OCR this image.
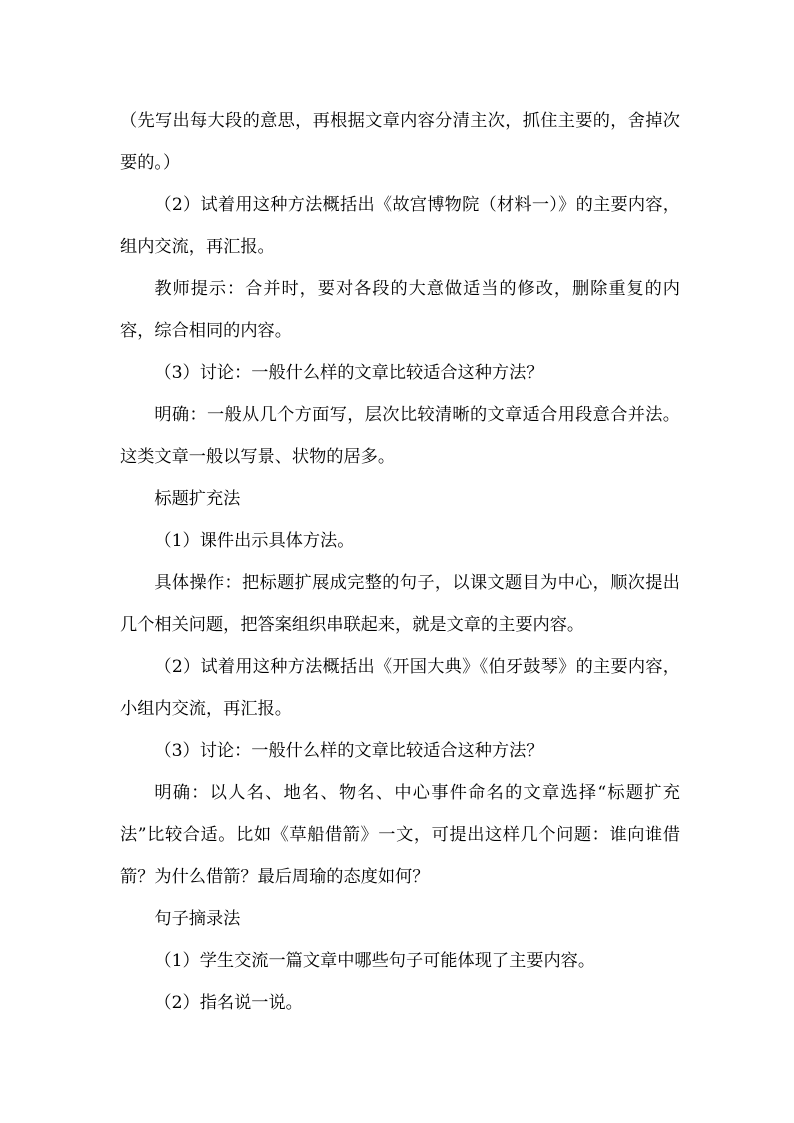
（先写出每大段的意思，再根据文章内容分清主次，抓住主要的，舍掉次要的。）

（2）试着用这种方法概括出《故宫博物院（材料一）》的主要内容，组内交流，再汇报。

教师提示：合并时，要对各段的大意做适当的修改，删除重复的内容，综合相同的内容。

（3）讨论：一般什么样的文章比较适合这种方法？

明确：一般从几个方面写，层次比较清晰的文章适合用段意合并法。这类文章一般以写景、状物的居多。

标题扩充法

（1）课件出示具体方法。

具体操作：把标题扩展成完整的句子，以课文题目为中心，顺次提出几个相关问题，把答案组织串联起来，就是文章的主要内容。

（2）试着用这种方法概括出《开国大典》《伯牙鼓琴》的主要内容，小组内交流，再汇报。

（3）讨论：一般什么样的文章比较适合这种方法？

明确：以人名、地名、物名、中心事件命名的文章选择“标题扩充法”比较合适。比如《草船借箭》一文，可提出这样几个问题：谁向谁借箭？为什么借箭？最后周瑜的态度如何？

句子摘录法

（1）学生交流一篇文章中哪些句子可能体现了主要内容。

（2）指名说一说。
